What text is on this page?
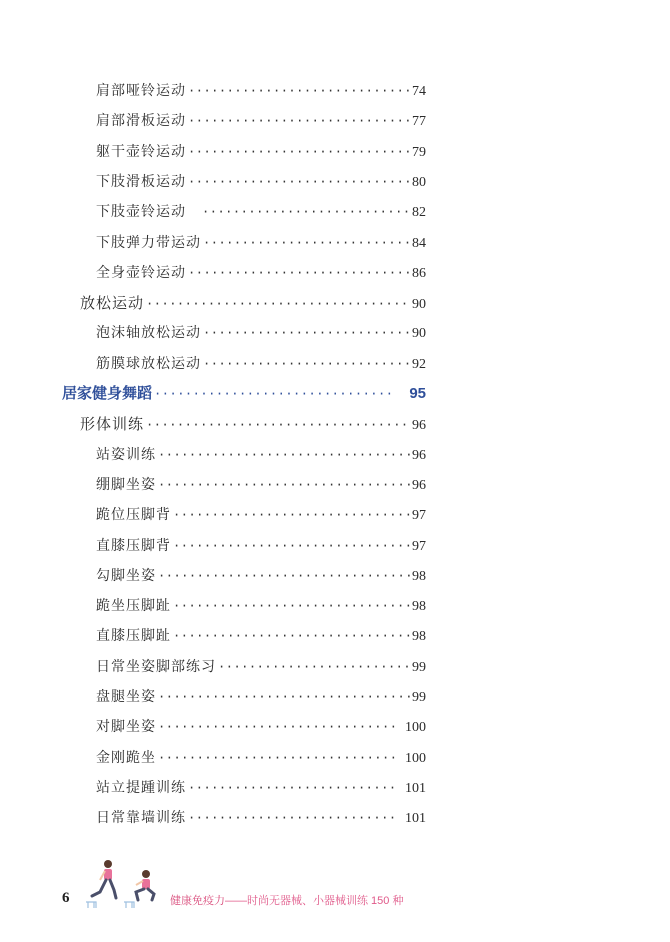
肩部哑铃运动 ·····	74
肩部滑板运动 ·····	77
躯干壶铃运动 ·····	79
下肢滑板运动 ·····	80
下肢壶铃运动 ·····	82
下肢弹力带运动 ·····	84
全身壶铃运动 ·····	86
放松运动 ·····	90
泡沫轴放松运动 ·····	90
筋膜球放松运动 ·····	92
居家健身舞蹈 ·····	95
形体训练 ·····	96
站姿训练 ·····	96
绷脚坐姿 ·····	96
跪位压脚背 ·····	97
直膝压脚背 ·····	97
勾脚坐姿 ·····	98
跪坐压脚趾 ·····	98
直膝压脚趾 ·····	98
日常坐姿脚部练习 ·····	99
盘腿坐姿 ·····	99
对脚坐姿 ·····	100
金刚跪坐 ·····	100
站立提踵训练 ·····	101
日常靠墙训练 ·····	101
6	健康免疫力——时尚无器械、小器械训练 150 种
